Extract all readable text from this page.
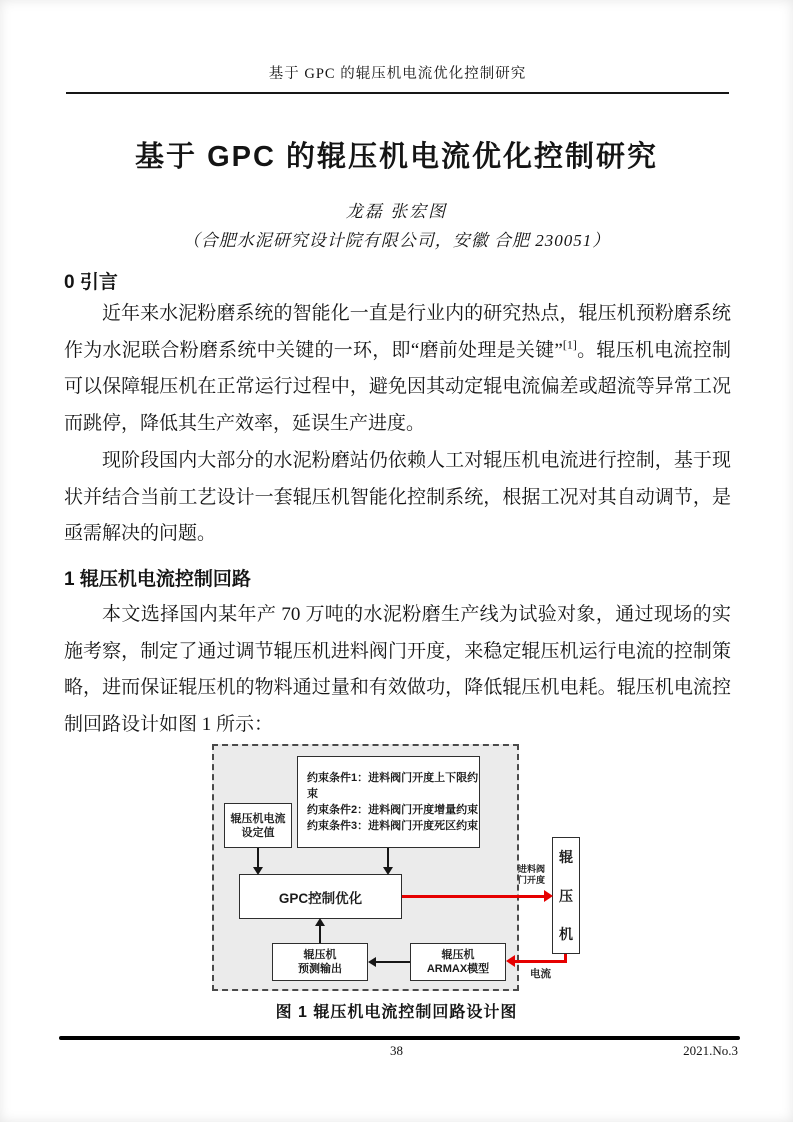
基于 GPC 的辊压机电流优化控制研究
基于 GPC 的辊压机电流优化控制研究
龙磊 张宏图
（合肥水泥研究设计院有限公司，安徽 合肥 230051）
0 引言

近年来水泥粉磨系统的智能化一直是行业内的研究热点，辊压机预粉磨系统作为水泥联合粉磨系统中关键的一环，即“磨前处理是关键”[1]。辊压机电流控制可以保障辊压机在正常运行过程中，避免因其动定辊电流偏差或超流等异常工况而跳停，降低其生产效率，延误生产进度。

现阶段国内大部分的水泥粉磨站仍依赖人工对辊压机电流进行控制，基于现状并结合当前工艺设计一套辊压机智能化控制系统，根据工况对其自动调节，是亟需解决的问题。

1 辊压机电流控制回路

本文选择国内某年产 70 万吨的水泥粉磨生产线为试验对象，通过现场的实施考察，制定了通过调节辊压机进料阀门开度，来稳定辊压机运行电流的控制策略，进而保证辊压机的物料通过量和有效做功，降低辊压机电耗。辊压机电流控制回路设计如图 1 所示：

约束条件1：进料阀门开度上下限约束
约束条件2：进料阀门开度增量约束
约束条件3：进料阀门开度死区约束
辊压机电流
设定值
GPC控制优化
辊压机
预测输出
辊压机
ARMAX模型
辊
压
机
进料阀
门开度
电流
图 1 辊压机电流控制回路设计图
38	2021.No.3
